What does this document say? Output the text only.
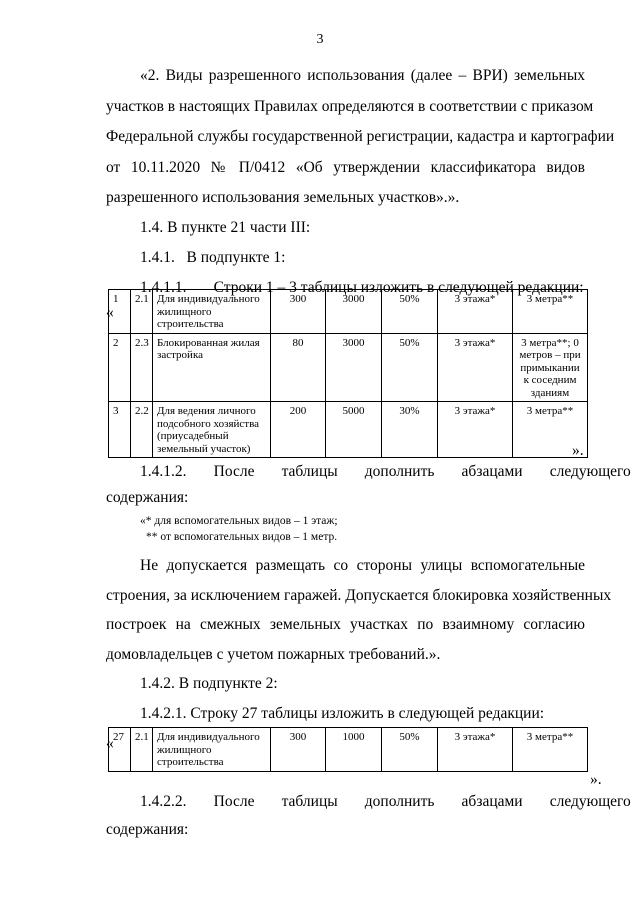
3
«2. Виды разрешенного использования (далее – ВРИ) земельных
участков в настоящих Правилах определяются в соответствии с приказом
Федеральной службы государственной регистрации, кадастра и картографии
от 10.11.2020 № П/0412 «Об утверждении классификатора видов
разрешенного использования земельных участков».».
1.4. В пункте 21 части III:
1.4.1.   В подпункте 1:
1.4.1.1.       Строки 1 – 3 таблицы изложить в следующей редакции:
«
1	2.1	Для индивидуального жилищного строительства	300	3000	50%	3 этажа*	3 метра**
2	2.3	Блокированная жилая застройка	80	3000	50%	3 этажа*	3 метра**; 0 метров – при примыкании к соседним зданиям
3	2.2	Для ведения личного подсобного хозяйства (приусадебный земельный участок)	200	5000	30%	3 этажа*	3 метра**
».
1.4.1.2.       После       таблицы       дополнить       абзацами       следующего
содержания:
«* для вспомогательных видов – 1 этаж;
** от вспомогательных видов – 1 метр.
Не допускается размещать со стороны улицы вспомогательные
строения, за исключением гаражей. Допускается блокировка хозяйственных
построек на смежных земельных участках по взаимному согласию
домовладельцев с учетом пожарных требований.».
1.4.2. В подпункте 2:
1.4.2.1. Строку 27 таблицы изложить в следующей редакции:
« 27	2.1	Для индивидуального жилищного строительства	300	1000	50%	3 этажа*	3 метра**
».
1.4.2.2.       После       таблицы       дополнить       абзацами       следующего
содержания:
